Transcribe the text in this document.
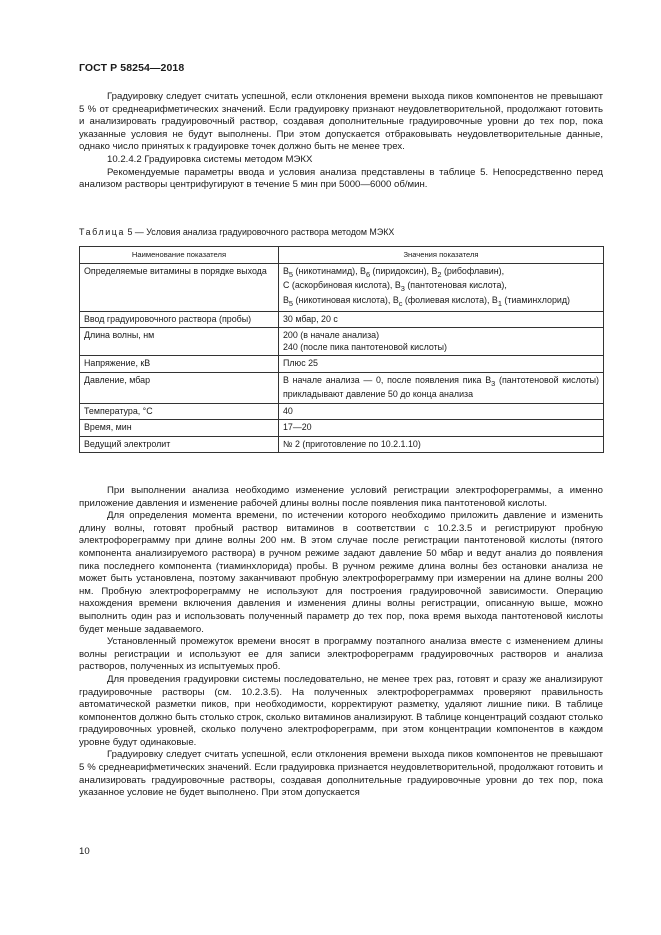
ГОСТ Р 58254—2018

Градуировку следует считать успешной, если отклонения времени выхода пиков компонентов не превышают 5 % от среднеарифметических значений. Если градуировку признают неудовлетворительной, продолжают готовить и анализировать градуировочный раствор, создавая дополнительные градуировочные уровни до тех пор, пока указанные условия не будут выполнены. При этом допускается отбраковывать неудовлетворительные данные, однако число принятых к градуировке точек должно быть не менее трех.

10.2.4.2 Градуировка системы методом МЭКХ

Рекомендуемые параметры ввода и условия анализа представлены в таблице 5. Непосредственно перед анализом растворы центрифугируют в течение 5 мин при 5000—6000 об/мин.

Таблица 5 — Условия анализа градуировочного раствора методом МЭКХ
Наименование показателя	Значения показателя
Определяемые витамины в порядке выхода	$B_5$ (никотинамид), $B_6$ (пиридоксин), $B_2$ (рибофлавин),
С (аскорбиновая кислота), $B_3$ (пантотеновая кислота),
$B_5$ (никотиновая кислота), $B_c$ (фолиевая кислота), $B_1$ (тиаминхлорид)
Ввод градуировочного раствора (пробы)	30 мбар, 20 с
Длина волны, нм	200 (в начале анализа)
240 (после пика пантотеновой кислоты)

Напряжение, кВ	Плюс 25
Давление, мбар	В начале анализа — 0, после появления пика $B_3$ (пантотеновой кислоты) прикладывают давление 50 до конца анализа
Температура, °С	40
Время, мин	17—20
Ведущий электролит	№ 2 (приготовление по 10.2.1.10)

При выполнении анализа необходимо изменение условий регистрации электрофореграммы, а именно приложение давления и изменение рабочей длины волны после появления пика пантотеновой кислоты.

Для определения момента времени, по истечении которого необходимо приложить давление и изменить длину волны, готовят пробный раствор витаминов в соответствии с 10.2.3.5 и регистрируют пробную электрофореграмму при длине волны 200 нм. В этом случае после регистрации пантотеновой кислоты (пятого компонента анализируемого раствора) в ручном режиме задают давление 50 мбар и ведут анализ до появления пика последнего компонента (тиаминхлорида) пробы. В ручном режиме длина волны без остановки анализа не может быть установлена, поэтому заканчивают пробную электрофореграмму при измерении на длине волны 200 нм. Пробную электрофореграмму не используют для построения градуировочной зависимости. Операцию нахождения времени включения давления и изменения длины волны регистрации, описанную выше, можно выполнить один раз и использовать полученный параметр до тех пор, пока время выхода пантотеновой кислоты будет меньше задаваемого.

Установленный промежуток времени вносят в программу поэтапного анализа вместе с изменением длины волны регистрации и используют ее для записи электрофореграмм градуировочных растворов и анализа растворов, полученных из испытуемых проб.

Для проведения градуировки системы последовательно, не менее трех раз, готовят и сразу же анализируют градуировочные растворы (см. 10.2.3.5). На полученных электрофореграммах проверяют правильность автоматической разметки пиков, при необходимости, корректируют разметку, удаляют лишние пики. В таблице компонентов должно быть столько строк, сколько витаминов анализируют. В таблице концентраций создают столько градуировочных уровней, сколько получено электрофореграмм, при этом концентрации компонентов в каждом уровне будут одинаковые.

Градуировку следует считать успешной, если отклонения времени выхода пиков компонентов не превышают 5 % среднеарифметических значений. Если градуировка признается неудовлетворительной, продолжают готовить и анализировать градуировочные растворы, создавая дополнительные градуировочные уровни до тех пор, пока указанное условие не будет выполнено. При этом допускается

10
